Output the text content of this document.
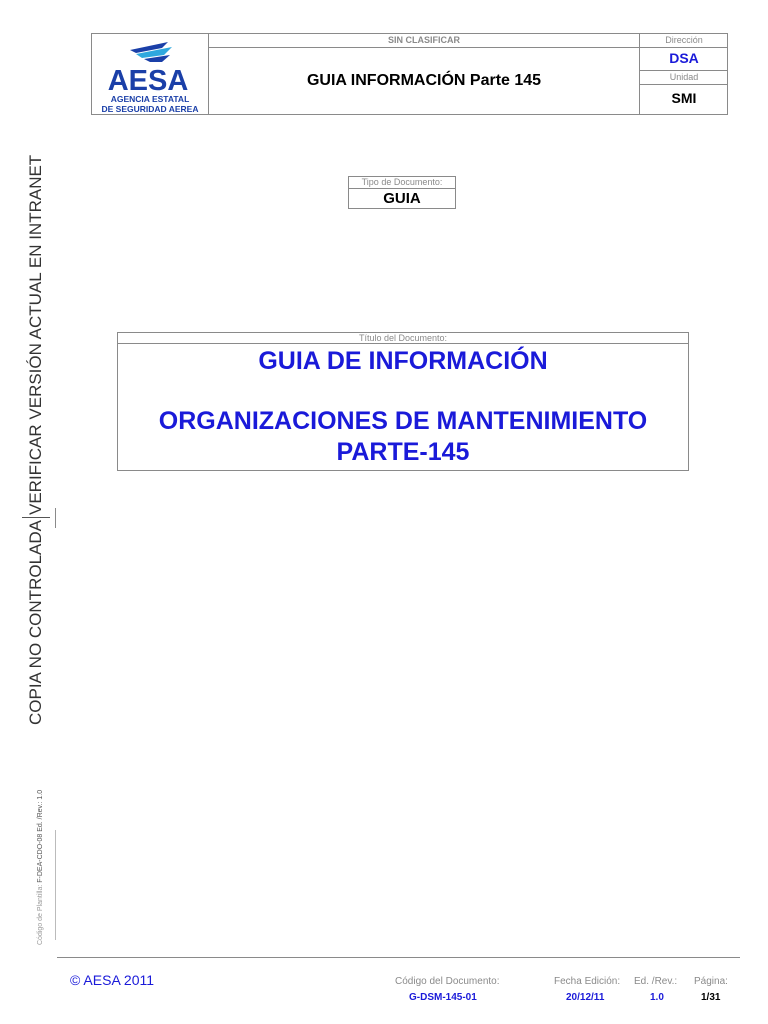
AESA
AGENCIA ESTATAL
DE SEGURIDAD AEREA
SIN CLASIFICAR
GUIA INFORMACIÓN Parte 145
Dirección
DSA
Unidad
SMI
Tipo de Documento:
GUIA
Título del Documento:
GUIA DE INFORMACIÓN
ORGANIZACIONES DE MANTENIMIENTO
PARTE-145
COPIA NO CONTROLADAVERIFICAR VERSIÓN ACTUAL EN INTRANET
Código de Plantilla: F-DEA-CDO-08 Ed. /Rev.: 1.0
© AESA 2011	Código del Documento:
G-DSM-145-01
Fecha Edición:
20/12/11
Ed. /Rev.:
1.0
Página:
1/31
